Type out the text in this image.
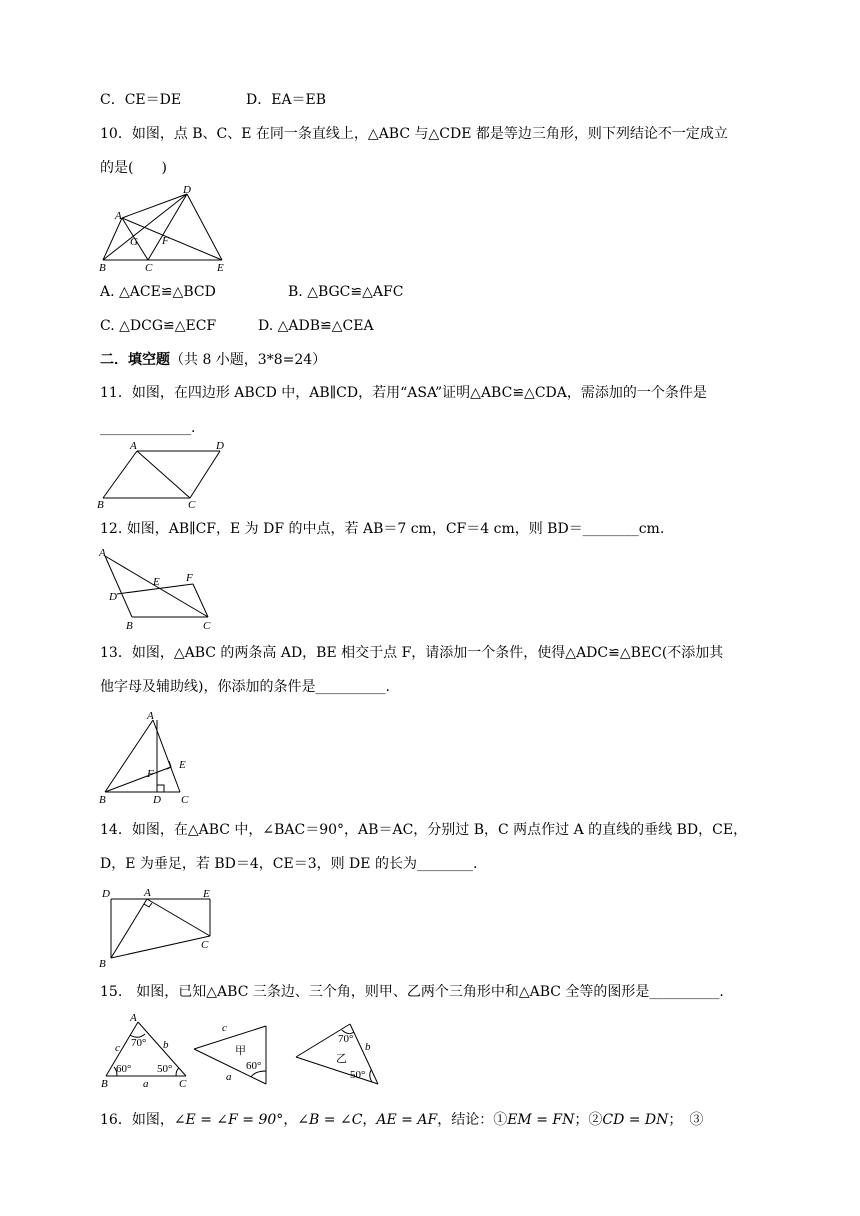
C．CE＝DE	D．EA＝EB
10．如图，点 B、C、E 在同一条直线上，△ABC 与△CDE 都是等边三角形，则下列结论不一定成立
的是(　　)
A
B	C
D
E
F
G
A. △ACE≌△BCD	B. △BGC≌△AFC
C. △DCG≌△ECF	D. △ADB≌△CEA
二．填空题（共 8 小题，3*8=24）
11．如图，在四边形 ABCD 中，AB∥CD，若用“ASA”证明△ABC≌△CDA，需添加的一个条件是
_____________.
A	D
B	C
12. 如图，AB∥CF，E 为 DF 的中点，若 AB＝7 cm，CF＝4 cm，则 BD＝________cm.
A
D
E F
B	C
13．如图，△ABC 的两条高 AD，BE 相交于点 F，请添加一个条件，使得△ADC≌△BEC(不添加其
他字母及辅助线)，你添加的条件是__________.
A
F
E
B	D C
14．如图，在△ABC 中，∠BAC＝90°，AB＝AC，分别过 B，C 两点作过 A 的直线的垂线 BD，CE，
D，E 为垂足，若 BD＝4，CE＝3，则 DE 的长为________.
D	A	E
C
B
15.　如图，已知△ABC 三条边、三个角，则甲、乙两个三角形中和△ABC 全等的图形是__________.
A
B	C
c	b
a
70°
60° 50°
甲
c
a
60°
乙
b
70°
50°
16．如图，∠E = ∠F = 90°，∠B = ∠C，AE = AF，结论：①EM = FN；②CD = DN；　③
